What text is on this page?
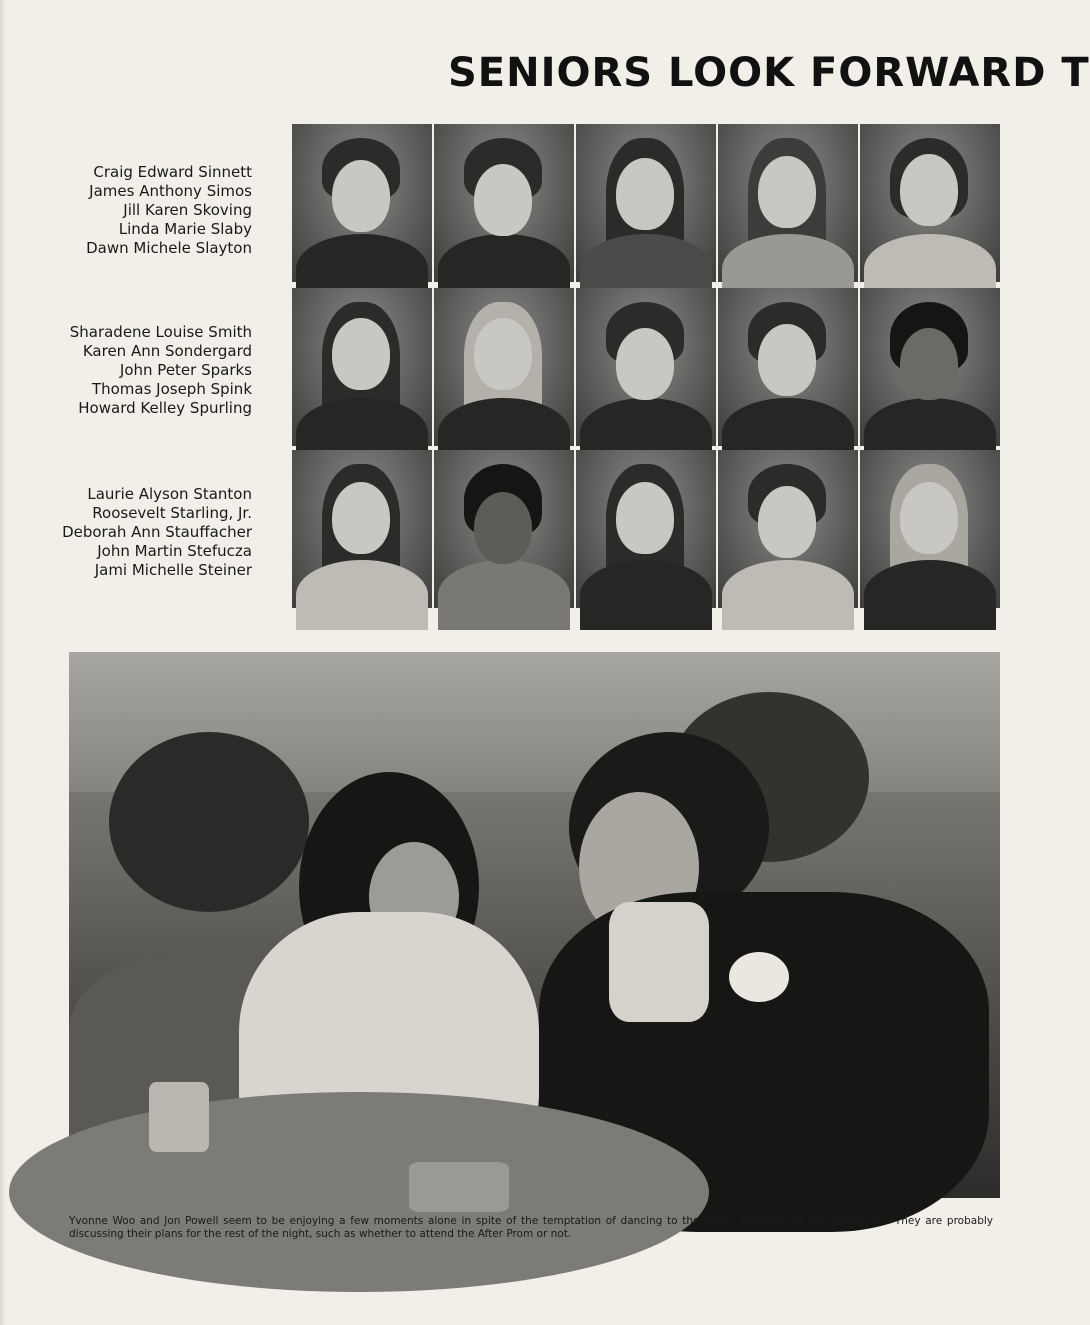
SENIORS LOOK FORWARD T
Craig Edward Sinnett
James Anthony Simos
Jill Karen Skoving
Linda Marie Slaby
Dawn Michele Slayton
Sharadene Louise Smith
Karen Ann Sondergard
John Peter Sparks
Thomas Joseph Spink
Howard Kelley Spurling
Laurie Alyson Stanton
Roosevelt Starling, Jr.
Deborah Ann Stauffacher
John Martin Stefucza
Jami Michelle Steiner
Yvonne Woo and Jon Powell seem to be enjoying a few moments alone in spite of the temptation of dancing to the music provided by the Aristocrats. They are probably discussing their plans for the rest of the night, such as whether to attend the After Prom or not.
